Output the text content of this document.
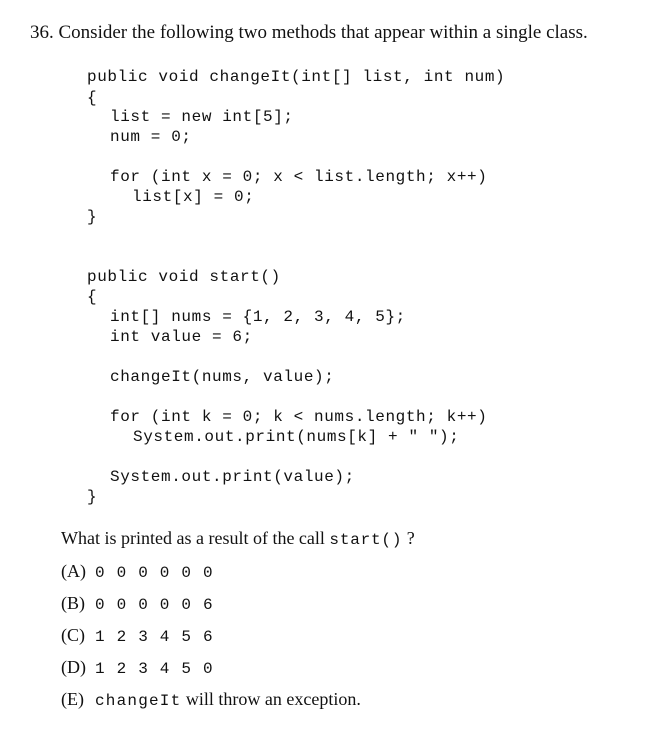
36. Consider the following two methods that appear within a single class.
public void changeIt(int[] list, int num)
{
list = new int[5];
num = 0;
for (int x = 0; x < list.length; x++)
list[x] = 0;
}
public void start()
{
int[] nums = {1, 2, 3, 4, 5};
int value = 6;
changeIt(nums, value);
for (int k = 0; k < nums.length; k++)
System.out.print(nums[k] + " ");
System.out.print(value);
}
What is printed as a result of the call start() ?
(A) 0 0 0 0 0 0
(B) 0 0 0 0 0 6
(C) 1 2 3 4 5 6
(D) 1 2 3 4 5 0
(E) changeIt will throw an exception.
